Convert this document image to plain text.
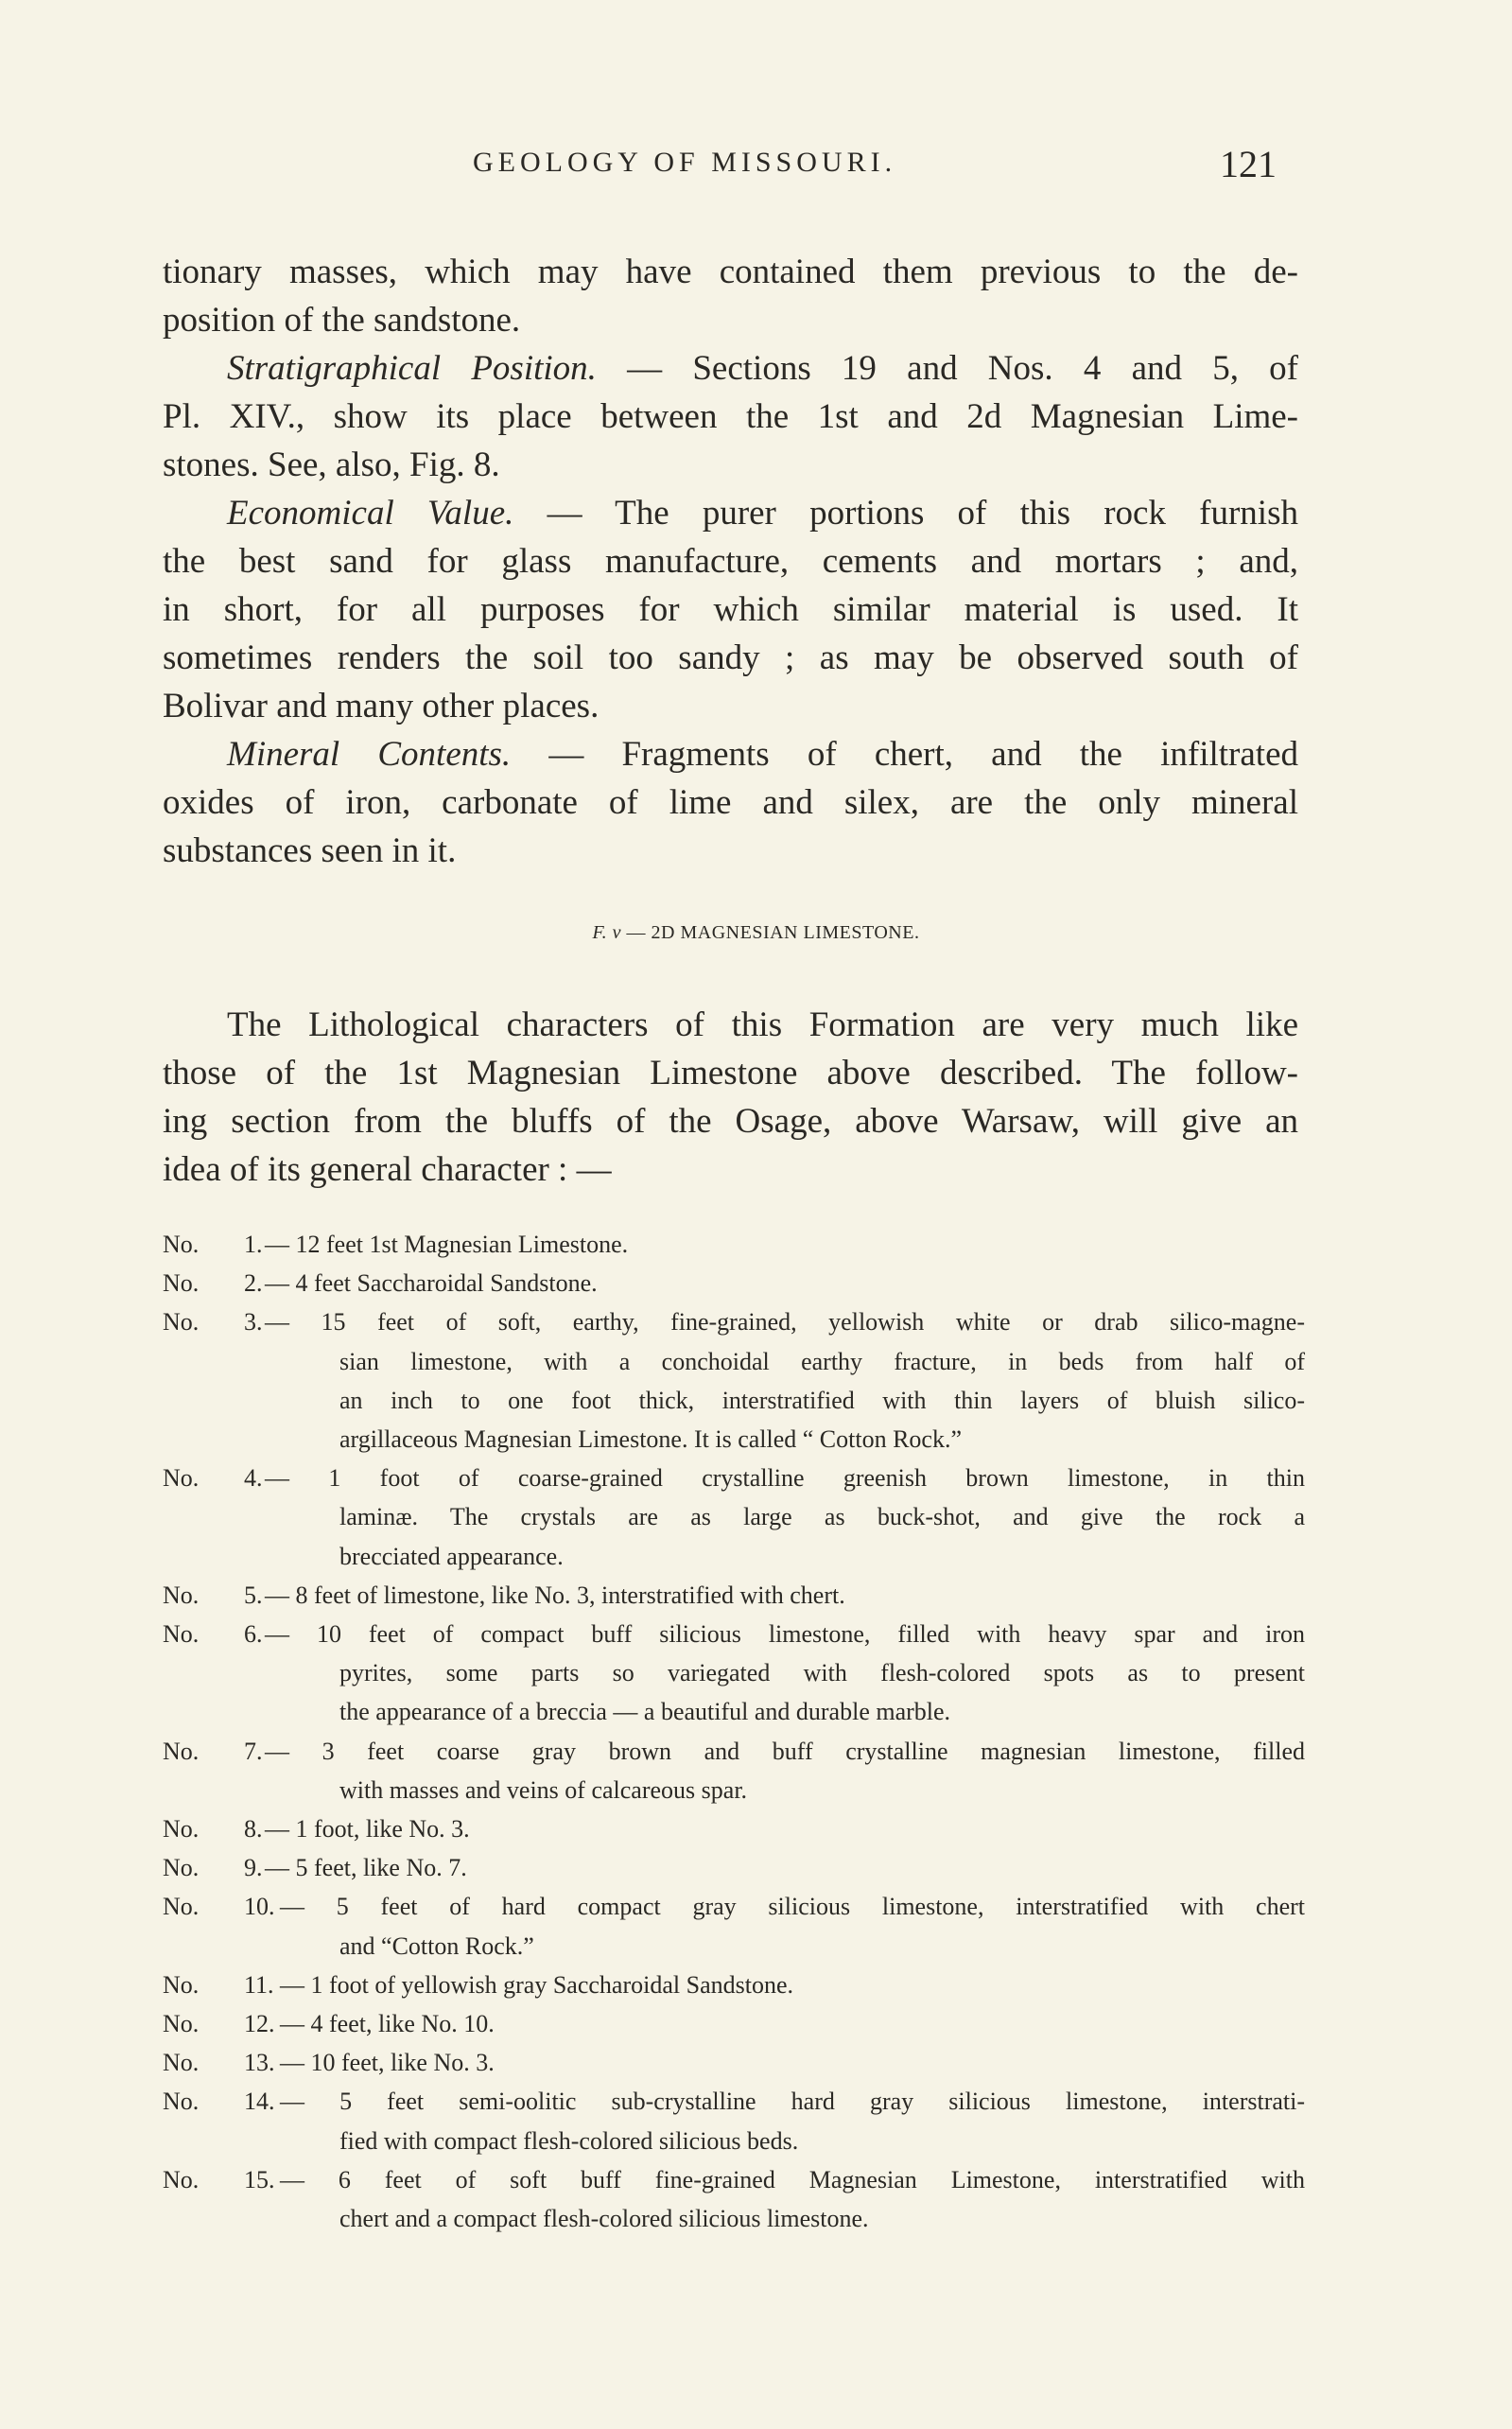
GEOLOGY OF MISSOURI.	121
tionary masses, which may have contained them previous to the de-
position of the sandstone.
Stratigraphical Position. — Sections 19 and Nos. 4 and 5, of
Pl. XIV., show its place between the 1st and 2d Magnesian Lime-
stones. See, also, Fig. 8.
Economical Value. — The purer portions of this rock furnish
the best sand for glass manufacture, cements and mortars ; and,
in short, for all purposes for which similar material is used. It
sometimes renders the soil too sandy ; as may be observed south of
Bolivar and many other places.
Mineral Contents. — Fragments of chert, and the infiltrated
oxides of iron, carbonate of lime and silex, are the only mineral
substances seen in it.
F. v — 2D MAGNESIAN LIMESTONE.
The Lithological characters of this Formation are very much like
those of the 1st Magnesian Limestone above described. The follow-
ing section from the bluffs of the Osage, above Warsaw, will give an
idea of its general character : —
No. 1. — 12 feet 1st Magnesian Limestone.
No. 2. — 4 feet Saccharoidal Sandstone.
No. 3. — 15 feet of soft, earthy, fine-grained, yellowish white or drab silico-magne-
sian limestone, with a conchoidal earthy fracture, in beds from half of
an inch to one foot thick, interstratified with thin layers of bluish silico-
argillaceous Magnesian Limestone. It is called “ Cotton Rock.”
No. 4. — 1 foot of coarse-grained crystalline greenish brown limestone, in thin
laminæ. The crystals are as large as buck-shot, and give the rock a
brecciated appearance.
No. 5. — 8 feet of limestone, like No. 3, interstratified with chert.
No. 6. — 10 feet of compact buff silicious limestone, filled with heavy spar and iron
pyrites, some parts so variegated with flesh-colored spots as to present
the appearance of a breccia — a beautiful and durable marble.
No. 7. — 3 feet coarse gray brown and buff crystalline magnesian limestone, filled
with masses and veins of calcareous spar.
No. 8. — 1 foot, like No. 3.
No. 9. — 5 feet, like No. 7.
No. 10. — 5 feet of hard compact gray silicious limestone, interstratified with chert
and “Cotton Rock.”
No. 11. — 1 foot of yellowish gray Saccharoidal Sandstone.
No. 12. — 4 feet, like No. 10.
No. 13. — 10 feet, like No. 3.
No. 14. — 5 feet semi-oolitic sub-crystalline hard gray silicious limestone, interstrati-
fied with compact flesh-colored silicious beds.
No. 15. — 6 feet of soft buff fine-grained Magnesian Limestone, interstratified with
chert and a compact flesh-colored silicious limestone.
